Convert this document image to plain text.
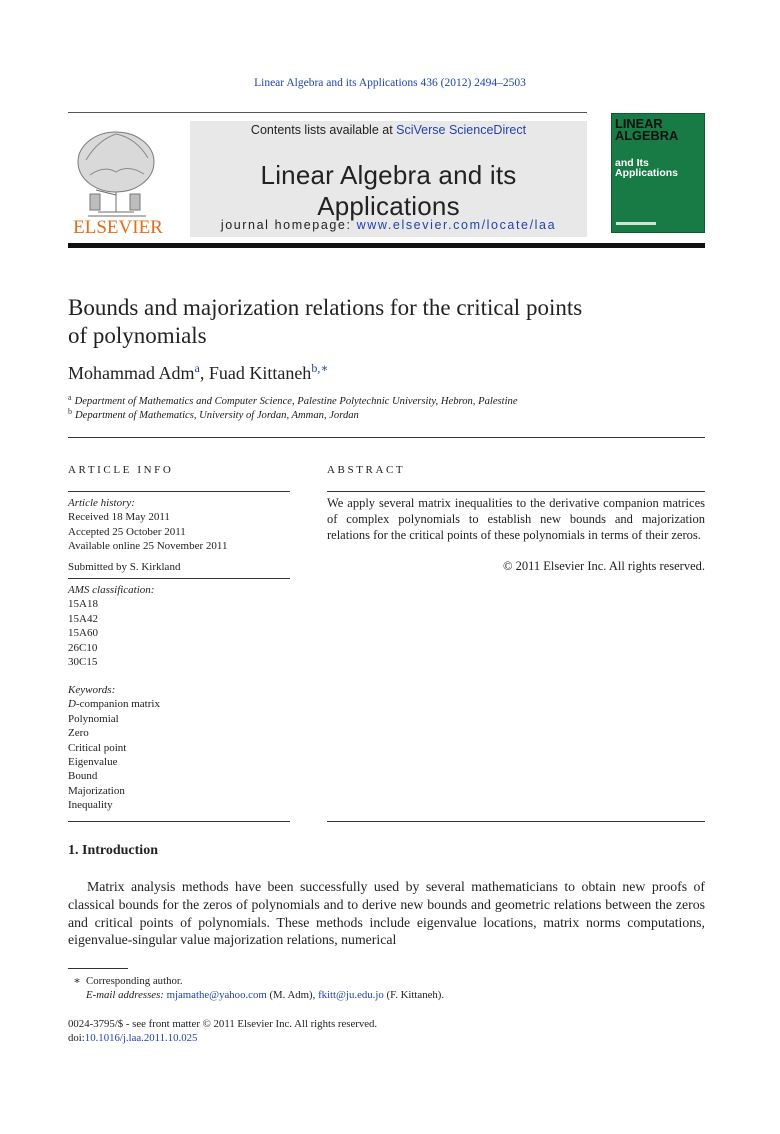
Linear Algebra and its Applications 436 (2012) 2494–2503
ELSEVIER
Contents lists available at SciVerse ScienceDirect
Linear Algebra and its Applications
journal homepage: www.elsevier.com/locate/laa
LINEAR
ALGEBRA
and Its
Applications
Bounds and majorization relations for the critical points
of polynomials
Mohammad Adm$^a$, Fuad Kittaneh$^{b,∗}$
$^a$ Department of Mathematics and Computer Science, Palestine Polytechnic University, Hebron, Palestine
$^b$ Department of Mathematics, University of Jordan, Amman, Jordan
ARTICLE INFO
Article history:
Received 18 May 2011
Accepted 25 October 2011
Available online 25 November 2011
Submitted by S. Kirkland
AMS classification:
15A18
15A42
15A60
26C10
30C15
Keywords:
D-companion matrix
Polynomial
Zero
Critical point
Eigenvalue
Bound
Majorization
Inequality
ABSTRACT
We apply several matrix inequalities to the derivative companion matrices of complex polynomials to establish new bounds and majorization relations for the critical points of these polynomials in terms of their zeros.
© 2011 Elsevier Inc. All rights reserved.
1. Introduction
Matrix analysis methods have been successfully used by several mathematicians to obtain new proofs of classical bounds for the zeros of polynomials and to derive new bounds and geometric relations between the zeros and critical points of polynomials. These methods include eigenvalue locations, matrix norms computations, eigenvalue-singular value majorization relations, numerical
∗ Corresponding author.
E-mail addresses: mjamathe@yahoo.com (M. Adm), fkitt@ju.edu.jo (F. Kittaneh).
0024-3795/$ - see front matter © 2011 Elsevier Inc. All rights reserved.
doi:10.1016/j.laa.2011.10.025
